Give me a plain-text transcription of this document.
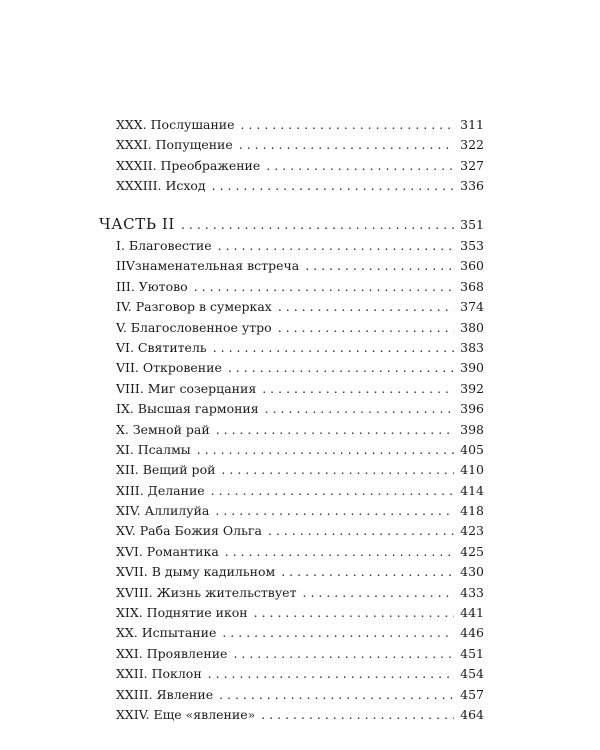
XXX. Послушание . . .	311
XXXI. Попущение . . .	322
XXXII. Преображение . . .	327
XXXIII. Исход . . .	336
ЧАСТЬ II . . .	351
I. Благовестие . . .	353
IIVзнаменательная встреча . . .	360
III. Уютово . . .	368
IV. Разговор в сумерках . . .	374
V. Благословенное утро . . .	380
VI. Святитель . . .	383
VII. Откровение . . .	390
VIII. Миг созерцания . . .	392
IX. Высшая гармония . . .	396
X. Земной рай . . .	398
XI. Псалмы . . .	405
XII. Вещий рой . . .	410
XIII. Делание . . .	414
XIV. Аллилуйа . . .	418
XV. Раба Божия Ольга . . .	423
XVI. Романтика . . .	425
XVII. В дыму кадильном . . .	430
XVIII. Жизнь жительствует . . .	433
XIX. Поднятие икон . . .	441
XX. Испытание . . .	446
XXI. Проявление . . .	451
XXII. Поклон . . .	454
XXIII. Явление . . .	457
XXIV. Еще «явление» . . .	464
